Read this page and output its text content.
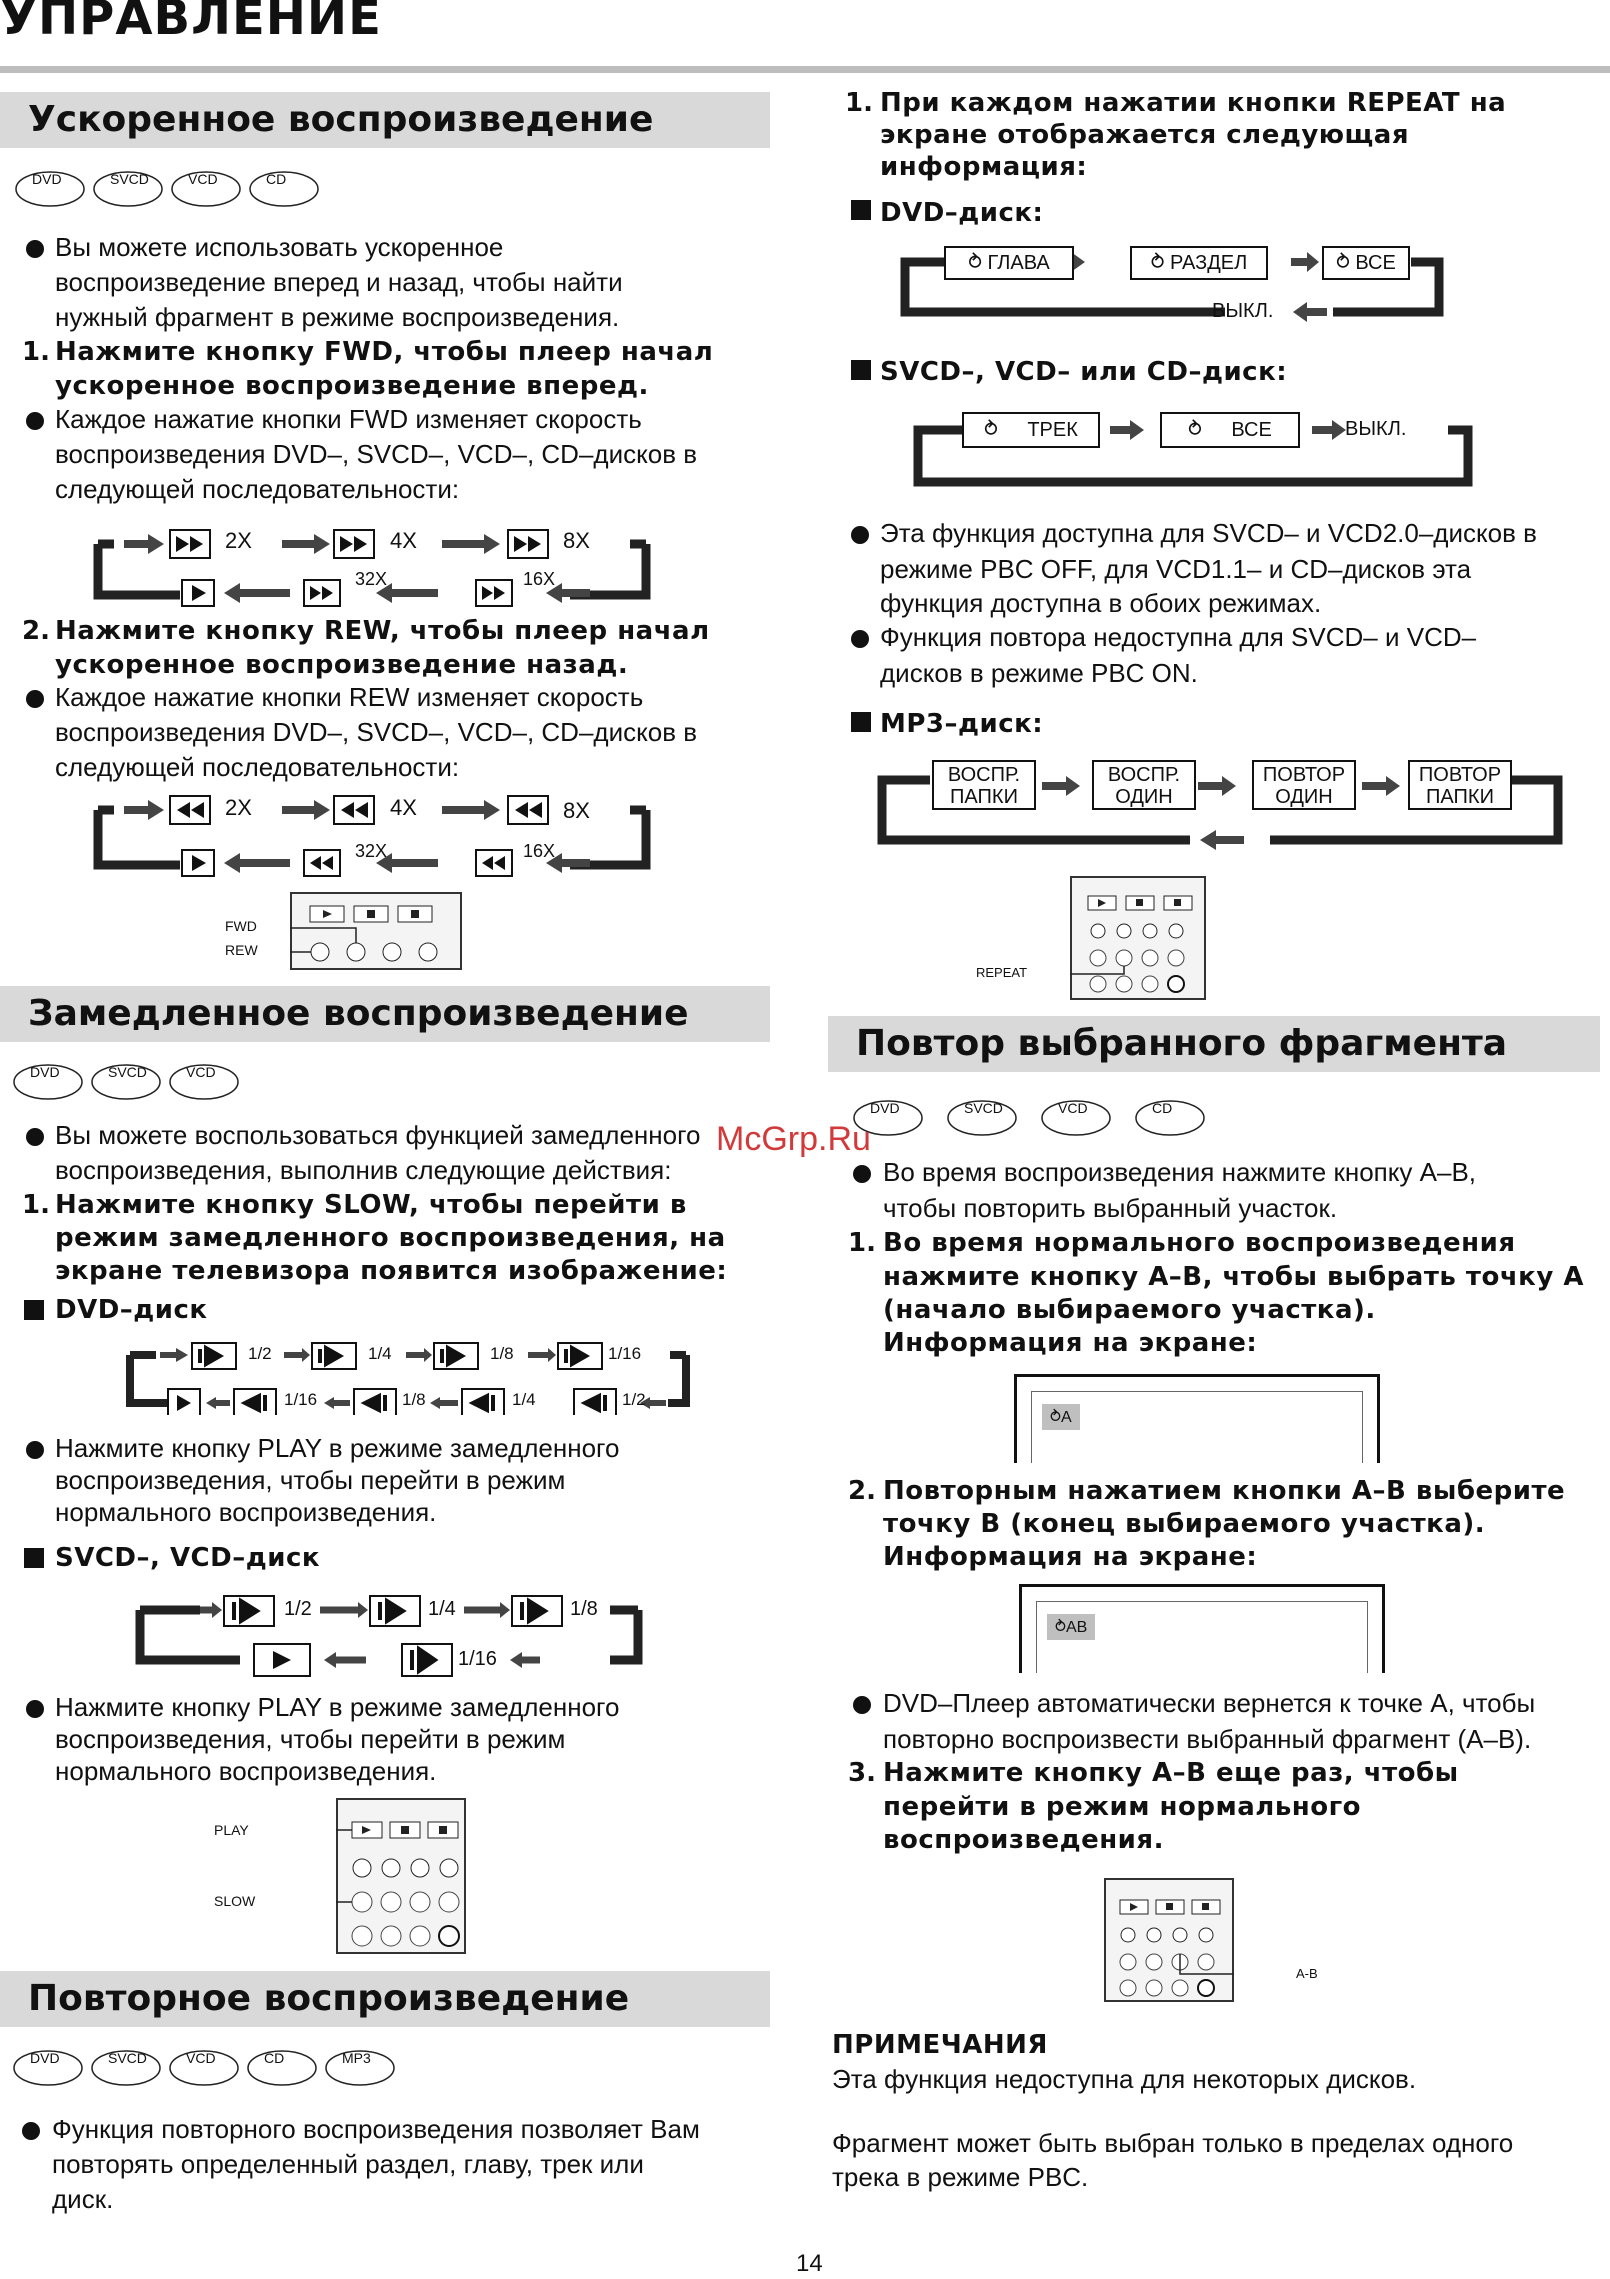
УПРАВЛЕНИЕ
Ускоренное воспроизведение
DVD	SVCD	VCD	CD
Вы можете использовать ускоренное
воспроизведение вперед и назад, чтобы найти
нужный фрагмент в режиме воспроизведения.
1. Нажмите кнопку FWD, чтобы плеер начал
ускоренное воспроизведение вперед.
Каждое нажатие кнопки FWD изменяет скорость
воспроизведения DVD–, SVCD–, VCD–, CD–дисков в
следующей последовательности:
2X	4X	8X
32X	16X
2. Нажмите кнопку REW, чтобы плеер начал
ускоренное воспроизведение назад.
Каждое нажатие кнопки REW изменяет скорость
воспроизведения DVD–, SVCD–, VCD–, CD–дисков в
следующей последовательности:
2X	4X	8X
32X	16X
FWD
REW
Замедленное воспроизведение
DVD	SVCD	VCD
Вы можете воспользоваться функцией замедленного
воспроизведения, выполнив следующие действия:
1. Нажмите кнопку SLOW, чтобы перейти в
режим замедленного воспроизведения, на
экране телевизора появится изображение:
DVD–диск
1/2	1/4	1/8	1/16
1/16	1/8	1/4	1/2
Нажмите кнопку PLAY в режиме замедленного
воспроизведения, чтобы перейти в режим
нормального воспроизведения.
SVCD–, VCD–диск
1/2	1/4	1/8
1/16
Нажмите кнопку PLAY в режиме замедленного
воспроизведения, чтобы перейти в режим
нормального воспроизведения.
PLAY
SLOW
Повторное воспроизведение
DVD	SVCD	VCD	CD	MP3
Функция повторного воспроизведения позволяет Вам
повторять определенный раздел, главу, трек или
диск.
1. При каждом нажатии кнопки REPEAT на
экране отображается следующая
информация:
DVD–диск:
⥁ ГЛАВА	⥁ РАЗДЕЛ	⥁ ВСЕ
ВЫКЛ.
SVCD–, VCD– или CD–диск:
⥁ ТРЕК	⥁ ВСЕ	ВЫКЛ.
Эта функция доступна для SVCD– и VCD2.0–дисков в
режиме PBC OFF, для VCD1.1– и CD–дисков эта
функция доступна в обоих режимах.
Функция повтора недоступна для SVCD– и VCD–
дисков в режиме PBC ON.
MP3–диск:
ВОСПР.
ПАПКИ
ВОСПР.
ОДИН
ПОВТОР
ОДИН
ПОВТОР
ПАПКИ
REPEAT
Повтор выбранного фрагмента
DVD	SVCD	VCD	CD
McGrp.Ru
Во время воспроизведения нажмите кнопку А–В,
чтобы повторить выбранный участок.
1. Во время нормального воспроизведения
нажмите кнопку А–В, чтобы выбрать точку А
(начало выбираемого участка).
Информация на экране:
⥁A
2. Повторным нажатием кнопки А–В выберите
точку В (конец выбираемого участка).
Информация на экране:
⥁AB
DVD–Плеер автоматически вернется к точке А, чтобы
повторно воспроизвести выбранный фрагмент (А–В).
3. Нажмите кнопку А–В еще раз, чтобы
перейти в режим нормального
воспроизведения.
A-B
ПРИМЕЧАНИЯ
Эта функция недоступна для некоторых дисков.
Фрагмент может быть выбран только в пределах одного
трека в режиме PBC.
14
